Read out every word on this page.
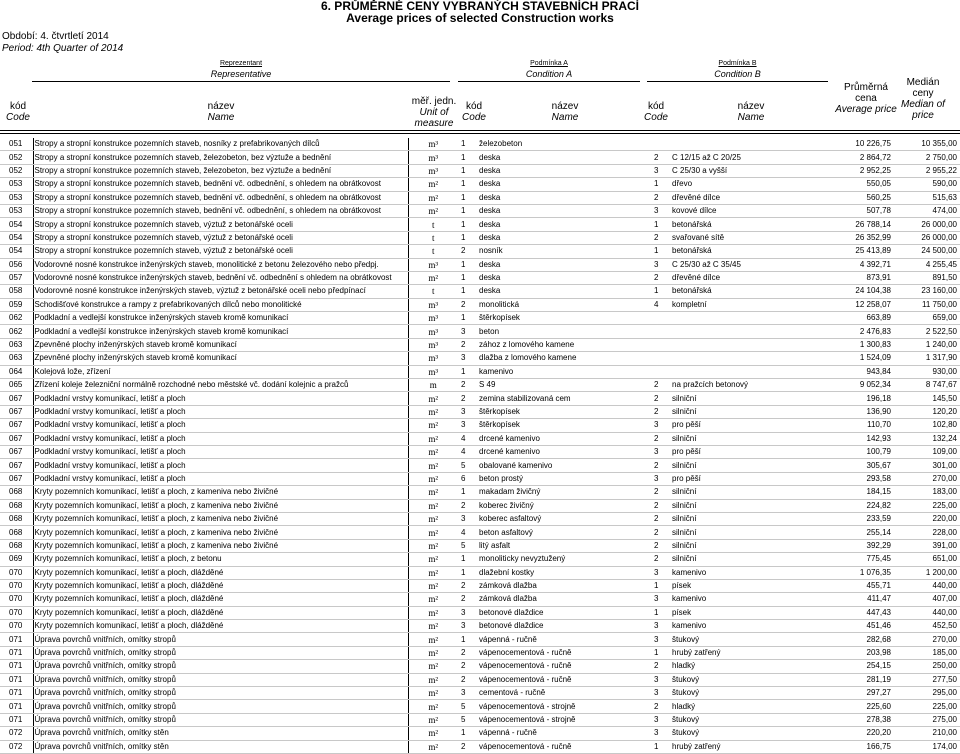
6. PRŮMĚRNÉ CENY VYBRANÝCH STAVEBNÍCH PRACÍ
Average prices of selected Construction works
Období: 4. čtvrtletí 2014
Period: 4th Quarter of 2014
Reprezentant
Representative
Podmínka A
Condition A
Podmínka B
Condition B
kód
Code
název
Name
měř. jedn.
Unit of
measure
kód
Code
název
Name
kód
Code
název
Name
Průměrná
cena
Average price
Medián
ceny
Median of
price
051	Stropy a stropní konstrukce pozemních staveb, nosníky z prefabrikovaných dílců	m³	1	železobeton			10 226,75	10 355,00
052	Stropy a stropní konstrukce pozemních staveb, železobeton, bez výztuže a bednění	m³	1	deska	2	C 12/15 až C 20/25	2 864,72	2 750,00
052	Stropy a stropní konstrukce pozemních staveb, železobeton, bez výztuže a bednění	m³	1	deska	3	C 25/30 a vyšší	2 952,25	2 955,22
053	Stropy a stropní konstrukce pozemních staveb, bednění vč. odbednění, s ohledem na obrátkovost	m²	1	deska	1	dřevo	550,05	590,00
053	Stropy a stropní konstrukce pozemních staveb, bednění vč. odbednění, s ohledem na obrátkovost	m²	1	deska	2	dřevěné dílce	560,25	515,63
053	Stropy a stropní konstrukce pozemních staveb, bednění vč. odbednění, s ohledem na obrátkovost	m²	1	deska	3	kovové dílce	507,78	474,00
054	Stropy a stropní konstrukce pozemních staveb, výztuž z betonářské oceli	t	1	deska	1	betonářská	26 788,14	26 000,00
054	Stropy a stropní konstrukce pozemních staveb, výztuž z betonářské oceli	t	1	deska	2	svařované sítě	26 352,99	26 000,00
054	Stropy a stropní konstrukce pozemních staveb, výztuž z betonářské oceli	t	2	nosník	1	betonářská	25 413,89	24 500,00
056	Vodorovné nosné konstrukce inženýrských staveb, monolitické z betonu železového nebo předpj.	m³	1	deska	3	C 25/30 až C 35/45	4 392,71	4 255,45
057	Vodorovné nosné konstrukce inženýrských staveb, bednění vč. odbednění s ohledem na obrátkovost	m²	1	deska	2	dřevěné dílce	873,91	891,50
058	Vodorovné nosné konstrukce inženýrských staveb, výztuž z betonářské oceli nebo předpínací	t	1	deska	1	betonářská	24 104,38	23 160,00
059	Schodišťové konstrukce a rampy z prefabrikovaných dílců nebo monolitické	m³	2	monolitická	4	kompletní	12 258,07	11 750,00
062	Podkladní a vedlejší konstrukce inženýrských staveb kromě komunikací	m³	1	štěrkopísek			663,89	659,00
062	Podkladní a vedlejší konstrukce inženýrských staveb kromě komunikací	m³	3	beton			2 476,83	2 522,50
063	Zpevněné plochy inženýrských staveb kromě komunikací	m³	2	zához z lomového kamene			1 300,83	1 240,00
063	Zpevněné plochy inženýrských staveb kromě komunikací	m³	3	dlažba z lomového kamene			1 524,09	1 317,90
064	Kolejová lože, zřízení	m³	1	kamenivo			943,84	930,00
065	Zřízení koleje železniční normálně rozchodné nebo městské vč. dodání kolejnic a pražců	m	2	S 49	2	na pražcích betonový	9 052,34	8 747,67
067	Podkladní vrstvy komunikací, letišť a ploch	m²	2	zemina stabilizovaná cem	2	silniční	196,18	145,50
067	Podkladní vrstvy komunikací, letišť a ploch	m²	3	štěrkopísek	2	silniční	136,90	120,20
067	Podkladní vrstvy komunikací, letišť a ploch	m²	3	štěrkopísek	3	pro pěší	110,70	102,80
067	Podkladní vrstvy komunikací, letišť a ploch	m²	4	drcené kamenivo	2	silniční	142,93	132,24
067	Podkladní vrstvy komunikací, letišť a ploch	m²	4	drcené kamenivo	3	pro pěší	100,79	109,00
067	Podkladní vrstvy komunikací, letišť a ploch	m²	5	obalované kamenivo	2	silniční	305,67	301,00
067	Podkladní vrstvy komunikací, letišť a ploch	m²	6	beton prostý	3	pro pěší	293,58	270,00
068	Kryty pozemních komunikací, letišť a ploch, z kameniva nebo živičné	m²	1	makadam živičný	2	silniční	184,15	183,00
068	Kryty pozemních komunikací, letišť a ploch, z kameniva nebo živičné	m²	2	koberec živičný	2	silniční	224,82	225,00
068	Kryty pozemních komunikací, letišť a ploch, z kameniva nebo živičné	m²	3	koberec asfaltový	2	silniční	233,59	220,00
068	Kryty pozemních komunikací, letišť a ploch, z kameniva nebo živičné	m²	4	beton asfaltový	2	silniční	255,14	228,00
068	Kryty pozemních komunikací, letišť a ploch, z kameniva nebo živičné	m²	5	litý asfalt	2	silniční	392,29	391,00
069	Kryty pozemních komunikací, letišť a ploch, z betonu	m²	1	monoliticky nevyztužený	2	silniční	775,45	651,00
070	Kryty pozemních komunikací, letišť a ploch, dlážděné	m²	1	dlažební kostky	3	kamenivo	1 076,35	1 200,00
070	Kryty pozemních komunikací, letišť a ploch, dlážděné	m²	2	zámková dlažba	1	písek	455,71	440,00
070	Kryty pozemních komunikací, letišť a ploch, dlážděné	m²	2	zámková dlažba	3	kamenivo	411,47	407,00
070	Kryty pozemních komunikací, letišť a ploch, dlážděné	m²	3	betonové dlaždice	1	písek	447,43	440,00
070	Kryty pozemních komunikací, letišť a ploch, dlážděné	m²	3	betonové dlaždice	3	kamenivo	451,46	452,50
071	Úprava povrchů vnitřních, omítky stropů	m²	1	vápenná - ručně	3	štukový	282,68	270,00
071	Úprava povrchů vnitřních, omítky stropů	m²	2	vápenocementová - ručně	1	hrubý zatřený	203,98	185,00
071	Úprava povrchů vnitřních, omítky stropů	m²	2	vápenocementová - ručně	2	hladký	254,15	250,00
071	Úprava povrchů vnitřních, omítky stropů	m²	2	vápenocementová - ručně	3	štukový	281,19	277,50
071	Úprava povrchů vnitřních, omítky stropů	m²	3	cementová - ručně	3	štukový	297,27	295,00
071	Úprava povrchů vnitřních, omítky stropů	m²	5	vápenocementová - strojně	2	hladký	225,60	225,00
071	Úprava povrchů vnitřních, omítky stropů	m²	5	vápenocementová - strojně	3	štukový	278,38	275,00
072	Úprava povrchů vnitřních, omítky stěn	m²	1	vápenná - ručně	3	štukový	220,20	210,00
072	Úprava povrchů vnitřních, omítky stěn	m²	2	vápenocementová - ručně	1	hrubý zatřený	166,75	174,00
